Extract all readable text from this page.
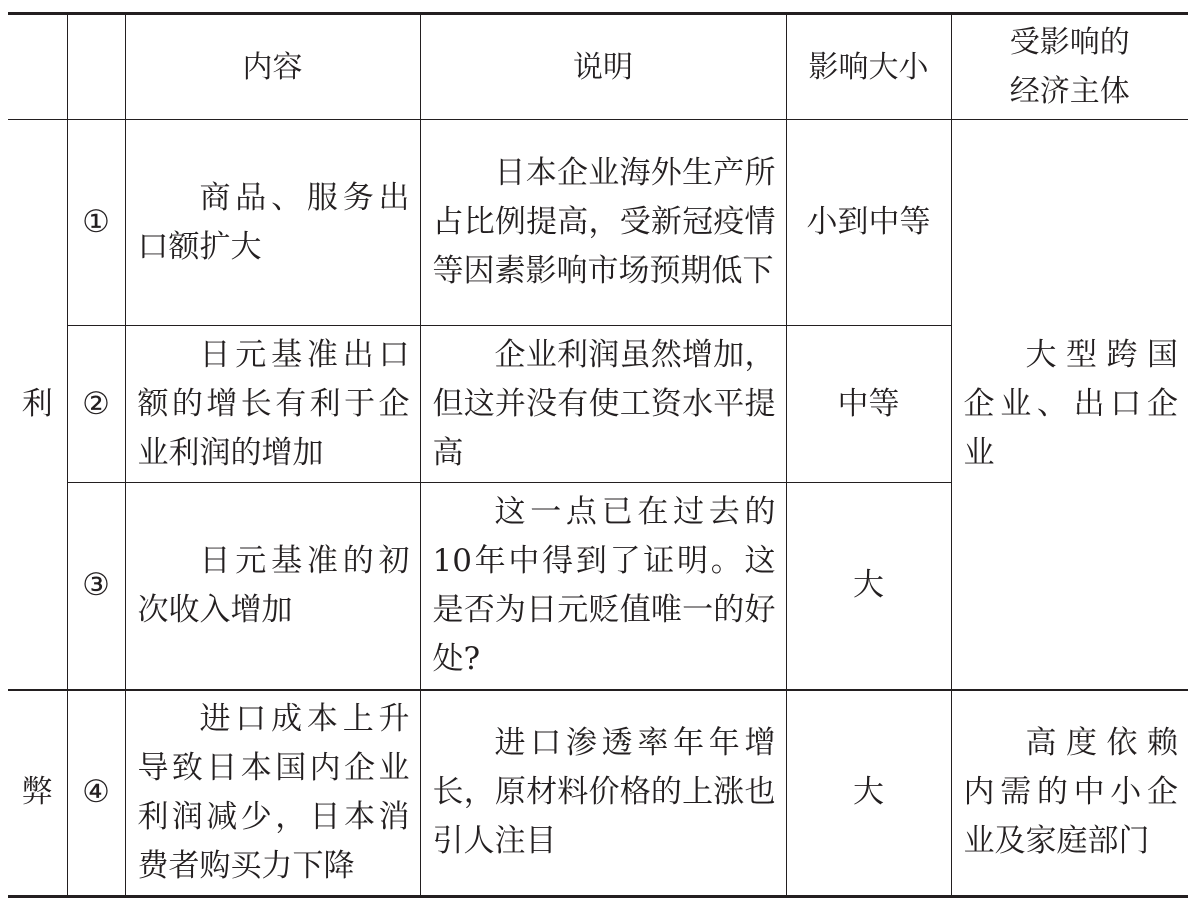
		内容	说明	影响大小	受影响的
经济主体

利	①	商品、服务出口额扩大	日本企业海外生产所占比例提高，受新冠疫情等因素影响市场预期低下	小到中等	大型跨国企业、出口企业
	②	日元基准出口额的增长有利于企业利润的增加	企业利润虽然增加，但这并没有使工资水平提高	中等	
	③	日元基准的初次收入增加	这一点已在过去的10年中得到了证明。这是否为日元贬值唯一的好处?	大	
弊	④	进口成本上升导致日本国内企业利润减少，日本消费者购买力下降	进口渗透率年年增长，原材料价格的上涨也引人注目	大	高度依赖内需的中小企业及家庭部门
